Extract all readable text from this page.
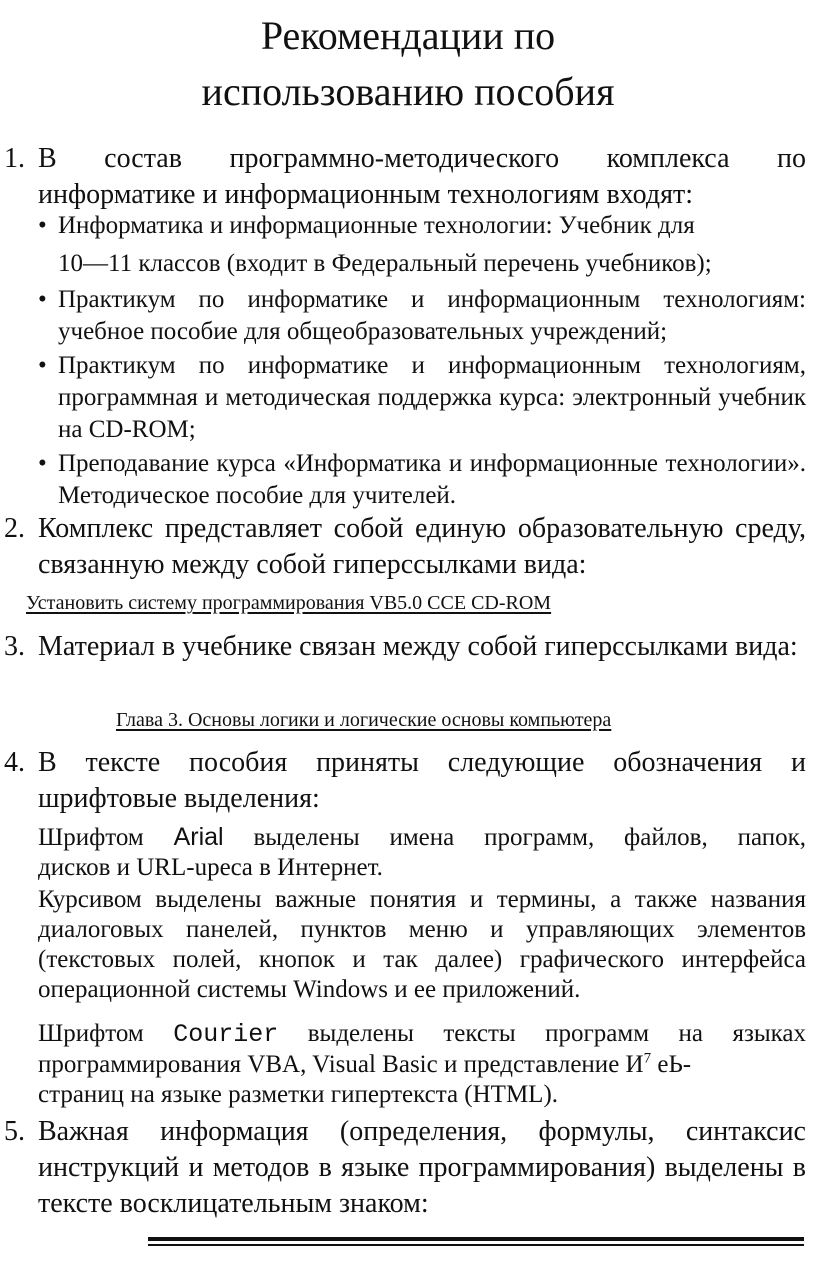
Рекомендации по
использованию пособия
1. В состав программно-методического комплекса по информатике и информационным технологиям входят:
• Информатика и информационные технологии: Учебник для
10—11 классов (входит в Федеральный перечень учебников);
• Практикум по информатике и информационным технологиям: учебное пособие для общеобразовательных учреждений;
• Практикум по информатике и информационным технологиям, программная и методическая поддержка курса: электронный учебник на CD-ROM;
• Преподавание курса «Информатика и информационные технологии». Методическое пособие для учителей.
2. Комплекс представляет собой единую образовательную среду, связанную между собой гиперссылками вида:
Установить систему программирования VB5.0 CCE CD-ROM
3. Материал в учебнике связан между собой гиперссылками вида:
Глава 3. Основы логики и логические основы компьютера
4. В тексте пособия приняты следующие обозначения и шрифтовые выделения:
Шрифтом Arial выделены имена программ, файлов, папок,
дисков и URL-upeca в Интернет.
Курсивом выделены важные понятия и термины, а также названия диалоговых панелей, пунктов меню и управляющих элементов (текстовых полей, кнопок и так далее) графического интерфейса операционной системы Windows и ее приложений.
Шрифтом Courier выделены тексты программ на языках
программирования VBA, Visual Basic и представление $И^7$ еЬ-
страниц на языке разметки гипертекста (HTML).
5. Важная информация (определения, формулы, синтаксис инструкций и методов в языке программирования) выделены в тексте восклицательным знаком:
